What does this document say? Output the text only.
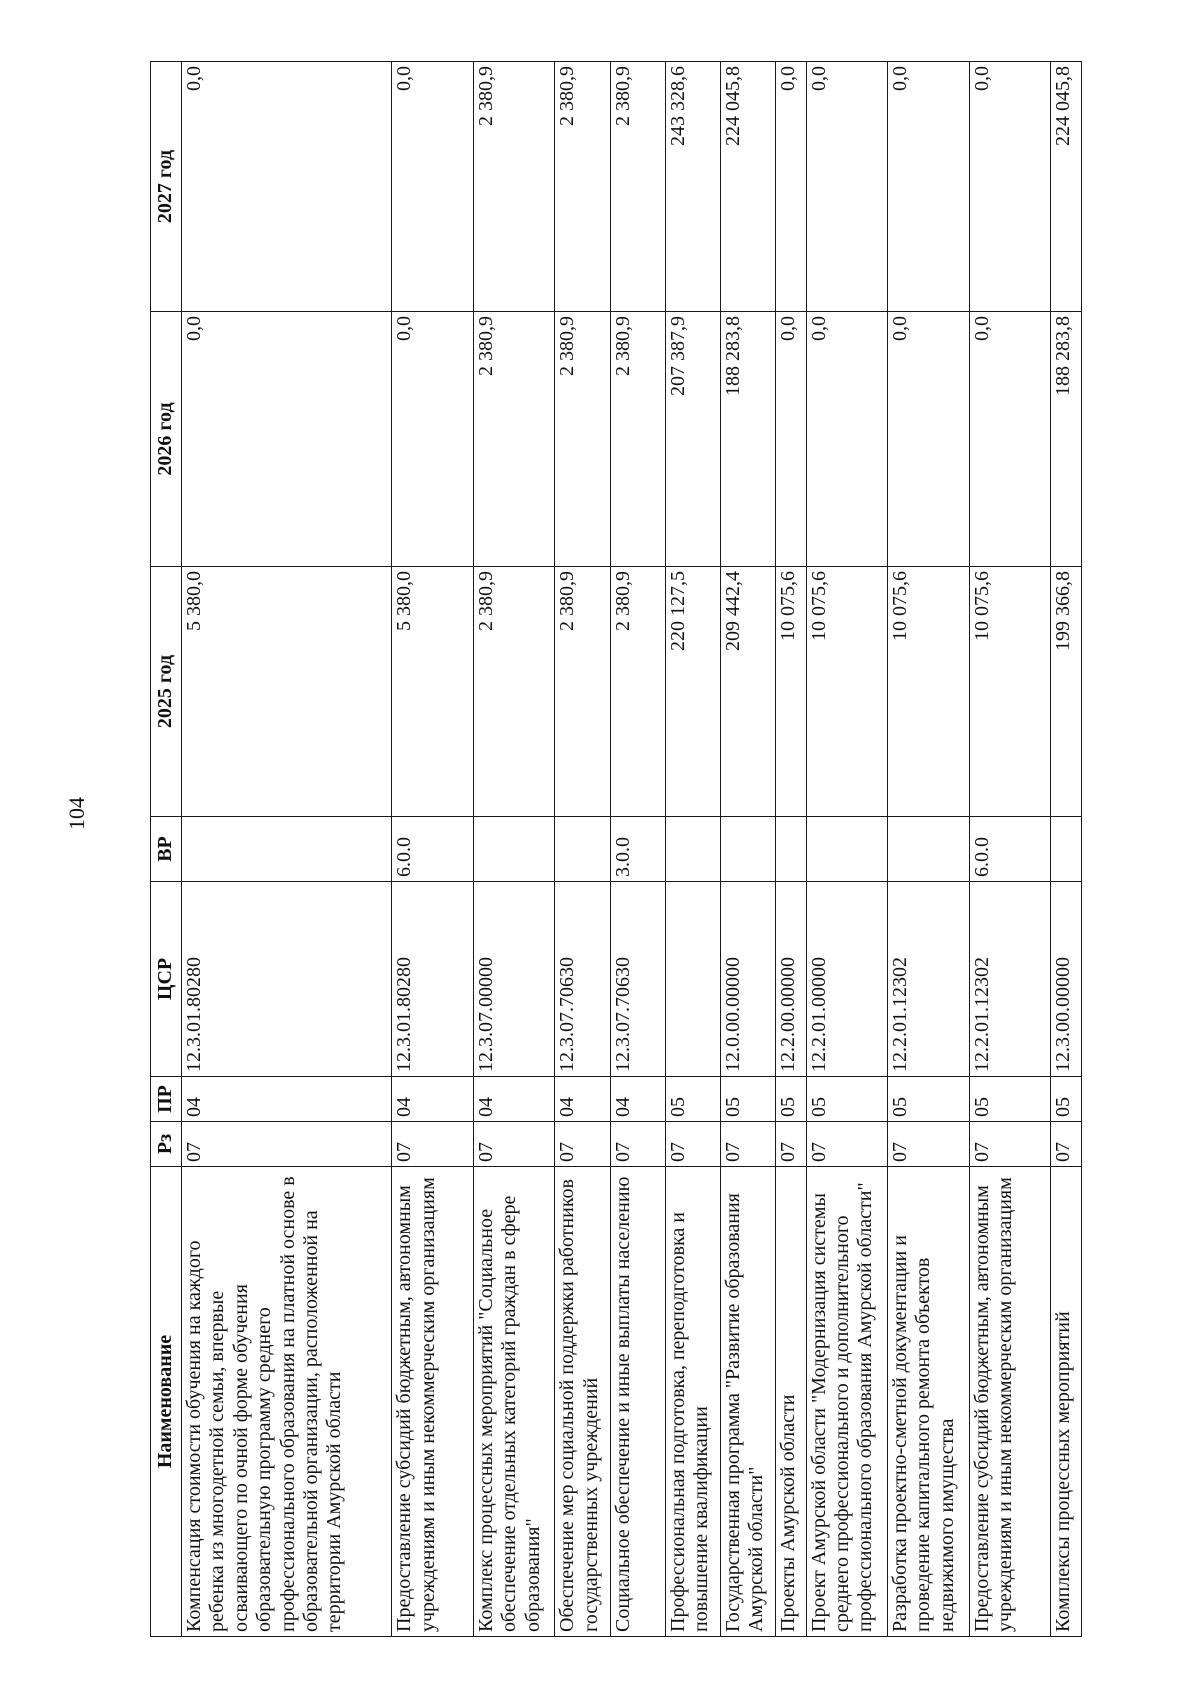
104
Наименование	Рз	ПР	ЦСР	ВР	2025 год	2026 год	2027 год
Компенсация стоимости обучения на каждого ребенка из многодетной семьи, впервые осваивающего по очной форме обучения образовательную программу среднего профессионального образования на платной основе в образовательной организации, расположенной на территории Амурской области	07	04	12.3.01.80280		5 380,0	0,0	0,0
Предоставление субсидий бюджетным, автономным учреждениям и иным некоммерческим организациям	07	04	12.3.01.80280	6.0.0	5 380,0	0,0	0,0
Комплекс процессных мероприятий "Социальное обеспечение отдельных категорий граждан в сфере образования"	07	04	12.3.07.00000		2 380,9	2 380,9	2 380,9
Обеспечение мер социальной поддержки работников государственных учреждений	07	04	12.3.07.70630		2 380,9	2 380,9	2 380,9
Социальное обеспечение и иные выплаты населению	07	04	12.3.07.70630	3.0.0	2 380,9	2 380,9	2 380,9
Профессиональная подготовка, переподготовка и повышение квалификации	07	05			220 127,5	207 387,9	243 328,6
Государственная программа "Развитие образования Амурской области"	07	05	12.0.00.00000		209 442,4	188 283,8	224 045,8
Проекты Амурской области	07	05	12.2.00.00000		10 075,6	0,0	0,0
Проект Амурской области "Модернизация системы среднего профессионального и дополнительного профессионального образования Амурской области"	07	05	12.2.01.00000		10 075,6	0,0	0,0
Разработка проектно-сметной документации и проведение капитального ремонта объектов недвижимого имущества	07	05	12.2.01.12302		10 075,6	0,0	0,0
Предоставление субсидий бюджетным, автономным учреждениям и иным некоммерческим организациям	07	05	12.2.01.12302	6.0.0	10 075,6	0,0	0,0
Комплексы процессных мероприятий	07	05	12.3.00.00000		199 366,8	188 283,8	224 045,8
